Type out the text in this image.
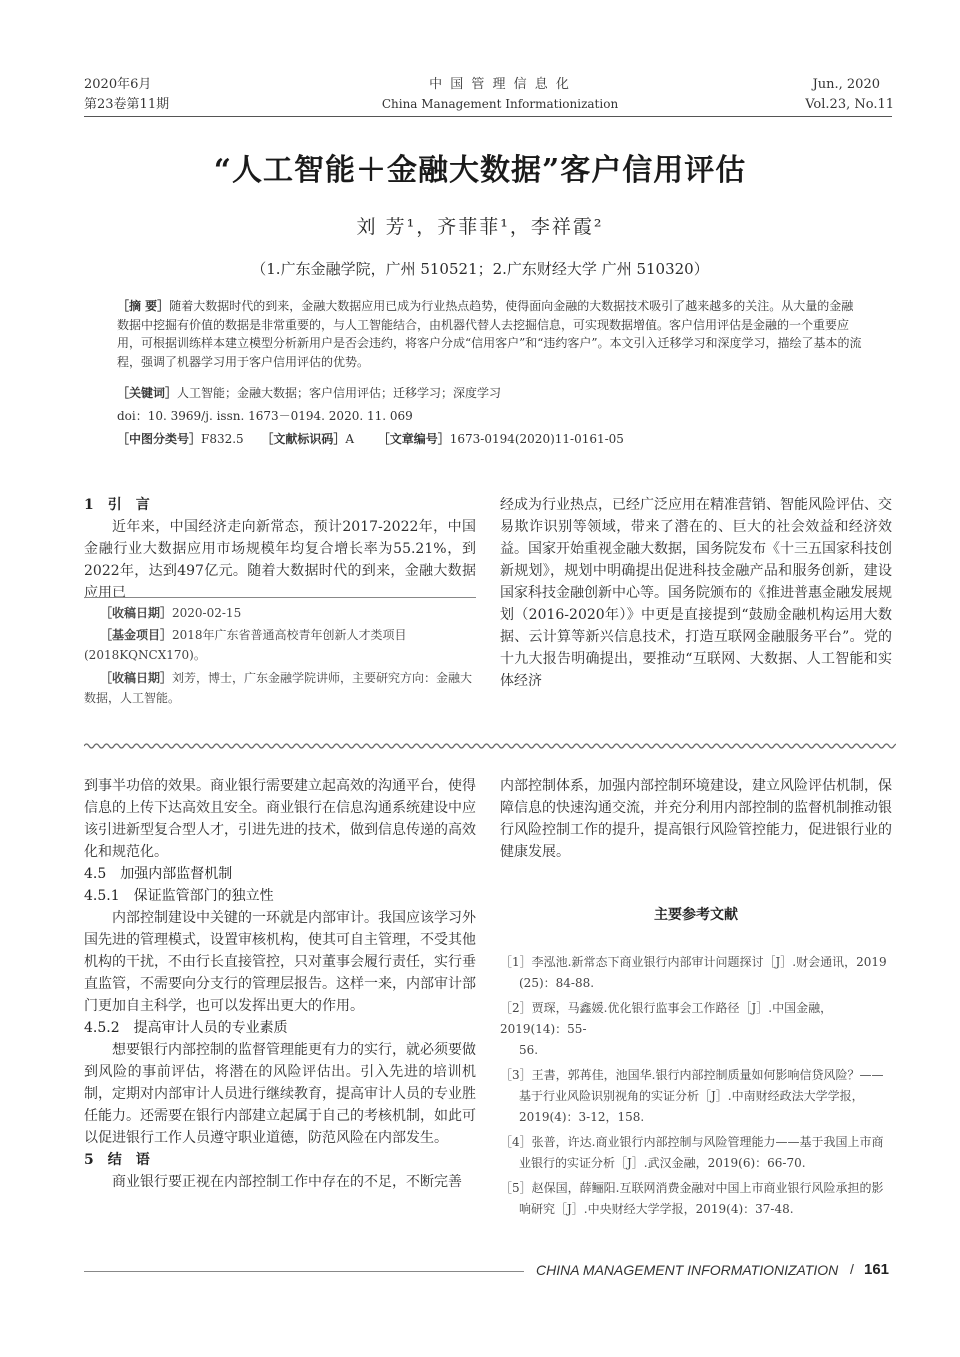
2020年6月
第23卷第11期
中 国 管 理 信 息 化
China Management Informationization
Jun., 2020
Vol.23, No.11
“人工智能＋金融大数据”客户信用评估
刘 芳¹，齐菲菲¹，李祥霞²
（1.广东金融学院，广州 510521；2.广东财经大学 广州 510320）
［摘 要］随着大数据时代的到来，金融大数据应用已成为行业热点趋势，使得面向金融的大数据技术吸引了越来越多的关注。从大量的金融数据中挖掘有价值的数据是非常重要的，与人工智能结合，由机器代替人去挖掘信息，可实现数据增值。客户信用评估是金融的一个重要应用，可根据训练样本建立模型分析新用户是否会违约，将客户分成“信用客户”和“违约客户”。本文引入迁移学习和深度学习，描绘了基本的流程，强调了机器学习用于客户信用评估的优势。
［关键词］人工智能；金融大数据；客户信用评估；迁移学习；深度学习
doi：10. 3969/j. issn. 1673－0194. 2020. 11. 069
［中图分类号］F832.5 ［文献标识码］A ［文章编号］1673-0194(2020)11-0161-05
1　引　言

近年来，中国经济走向新常态，预计2017-2022年，中国金融行业大数据应用市场规模年均复合增长率为55.21%，到2022年，达到497亿元。随着大数据时代的到来，金融大数据应用已

经成为行业热点，已经广泛应用在精准营销、智能风险评估、交易欺诈识别等领域，带来了潜在的、巨大的社会效益和经济效益。国家开始重视金融大数据，国务院发布《十三五国家科技创新规划》，规划中明确提出促进科技金融产品和服务创新，建设国家科技金融创新中心等。国务院颁布的《推进普惠金融发展规划（2016-2020年）》中更是直接提到“鼓励金融机构运用大数据、云计算等新兴信息技术，打造互联网金融服务平台”。党的十九大报告明确提出，要推动“互联网、大数据、人工智能和实体经济

［收稿日期］2020-02-15
［基金项目］2018年广东省普通高校青年创新人才类项目(2018KQNCX170)。
［收稿日期］刘芳，博士，广东金融学院讲师，主要研究方向：金融大数据，人工智能。

到事半功倍的效果。商业银行需要建立起高效的沟通平台，使得信息的上传下达高效且安全。商业银行在信息沟通系统建设中应该引进新型复合型人才，引进先进的技术，做到信息传递的高效化和规范化。

4.5　加强内部监督机制
4.5.1　保证监管部门的独立性

内部控制建设中关键的一环就是内部审计。我国应该学习外国先进的管理模式，设置审核机构，使其可自主管理，不受其他机构的干扰，不由行长直接管控，只对董事会履行责任，实行垂直监管，不需要向分支行的管理层报告。这样一来，内部审计部门更加自主科学，也可以发挥出更大的作用。

4.5.2　提高审计人员的专业素质

想要银行内部控制的监督管理能更有力的实行，就必须要做到风险的事前评估，将潜在的风险评估出。引入先进的培训机制，定期对内部审计人员进行继续教育，提高审计人员的专业胜任能力。还需要在银行内部建立起属于自己的考核机制，如此可以促进银行工作人员遵守职业道德，防范风险在内部发生。

5　结　语

商业银行要正视在内部控制工作中存在的不足，不断完善

内部控制体系，加强内部控制环境建设，建立风险评估机制，保障信息的快速沟通交流，并充分利用内部控制的监督机制推动银行风险控制工作的提升，提高银行风险管控能力，促进银行业的健康发展。

主要参考文献
［1］李泓池.新常态下商业银行内部审计问题探讨［J］.财会通讯，2019
(25)：84-88.
［2］贾琛，马鑫媛.优化银行监事会工作路径［J］.中国金融，2019(14)：55-
56.
［3］王書，郭苒佳，池国华.银行内部控制质量如何影响信贷风险？——
基于行业风险识别视角的实证分析［J］.中南财经政法大学学报，2019(4)：3-12，158.
［4］张普，许达.商业银行内部控制与风险管理能力——基于我国上市商
业银行的实证分析［J］.武汉金融，2019(6)：66-70.
［5］赵保国，薛鲡阳.互联网消费金融对中国上市商业银行风险承担的影
响研究［J］.中央财经大学学报，2019(4)：37-48.
CHINA MANAGEMENT INFORMATIONIZATION / 161
